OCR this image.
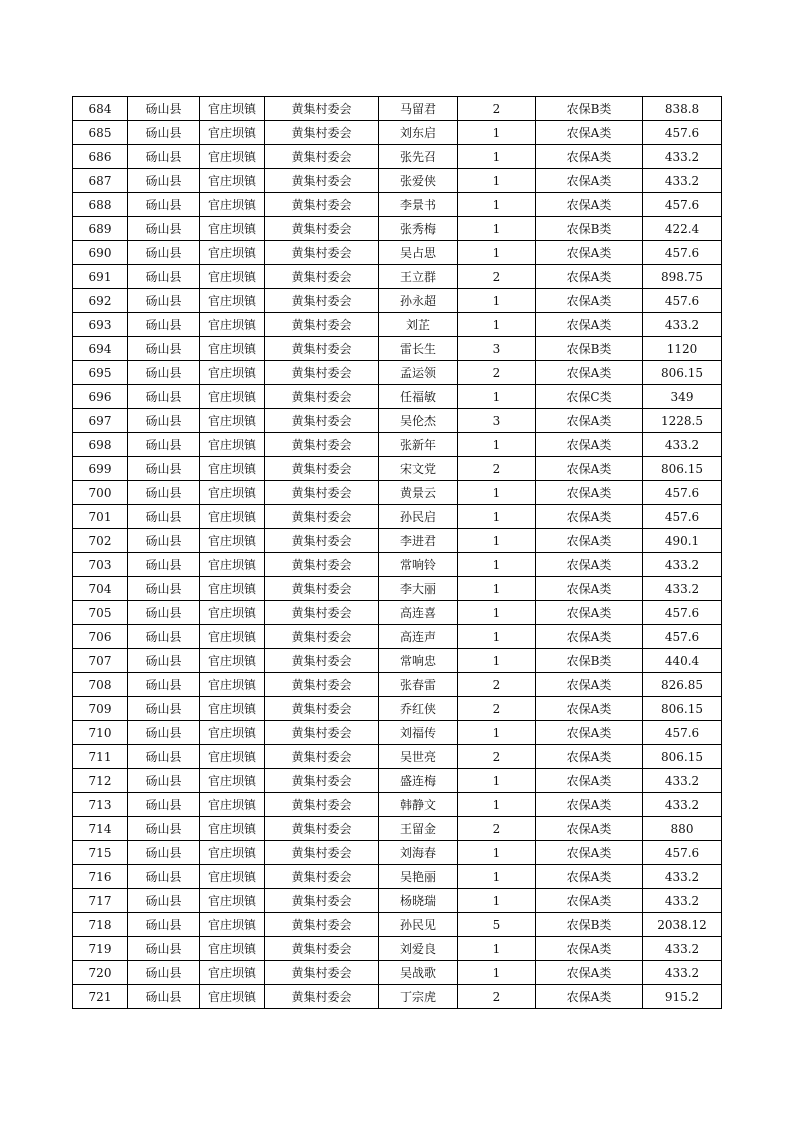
684	砀山县	官庄坝镇	黄集村委会	马留君	2	农保B类	838.8
685	砀山县	官庄坝镇	黄集村委会	刘东启	1	农保A类	457.6
686	砀山县	官庄坝镇	黄集村委会	张先召	1	农保A类	433.2
687	砀山县	官庄坝镇	黄集村委会	张爱侠	1	农保A类	433.2
688	砀山县	官庄坝镇	黄集村委会	李景书	1	农保A类	457.6
689	砀山县	官庄坝镇	黄集村委会	张秀梅	1	农保B类	422.4
690	砀山县	官庄坝镇	黄集村委会	吴占思	1	农保A类	457.6
691	砀山县	官庄坝镇	黄集村委会	王立群	2	农保A类	898.75
692	砀山县	官庄坝镇	黄集村委会	孙永超	1	农保A类	457.6
693	砀山县	官庄坝镇	黄集村委会	刘芷	1	农保A类	433.2
694	砀山县	官庄坝镇	黄集村委会	雷长生	3	农保B类	1120
695	砀山县	官庄坝镇	黄集村委会	孟运领	2	农保A类	806.15
696	砀山县	官庄坝镇	黄集村委会	任福敏	1	农保C类	349
697	砀山县	官庄坝镇	黄集村委会	吴伦杰	3	农保A类	1228.5
698	砀山县	官庄坝镇	黄集村委会	张新年	1	农保A类	433.2
699	砀山县	官庄坝镇	黄集村委会	宋文党	2	农保A类	806.15
700	砀山县	官庄坝镇	黄集村委会	黄景云	1	农保A类	457.6
701	砀山县	官庄坝镇	黄集村委会	孙民启	1	农保A类	457.6
702	砀山县	官庄坝镇	黄集村委会	李进君	1	农保A类	490.1
703	砀山县	官庄坝镇	黄集村委会	常响铃	1	农保A类	433.2
704	砀山县	官庄坝镇	黄集村委会	李大丽	1	农保A类	433.2
705	砀山县	官庄坝镇	黄集村委会	高连喜	1	农保A类	457.6
706	砀山县	官庄坝镇	黄集村委会	高连声	1	农保A类	457.6
707	砀山县	官庄坝镇	黄集村委会	常响忠	1	农保B类	440.4
708	砀山县	官庄坝镇	黄集村委会	张春雷	2	农保A类	826.85
709	砀山县	官庄坝镇	黄集村委会	乔红侠	2	农保A类	806.15
710	砀山县	官庄坝镇	黄集村委会	刘福传	1	农保A类	457.6
711	砀山县	官庄坝镇	黄集村委会	吴世亮	2	农保A类	806.15
712	砀山县	官庄坝镇	黄集村委会	盛连梅	1	农保A类	433.2
713	砀山县	官庄坝镇	黄集村委会	韩静文	1	农保A类	433.2
714	砀山县	官庄坝镇	黄集村委会	王留金	2	农保A类	880
715	砀山县	官庄坝镇	黄集村委会	刘海春	1	农保A类	457.6
716	砀山县	官庄坝镇	黄集村委会	吴艳丽	1	农保A类	433.2
717	砀山县	官庄坝镇	黄集村委会	杨晓瑞	1	农保A类	433.2
718	砀山县	官庄坝镇	黄集村委会	孙民见	5	农保B类	2038.12
719	砀山县	官庄坝镇	黄集村委会	刘爱良	1	农保A类	433.2
720	砀山县	官庄坝镇	黄集村委会	吴战歌	1	农保A类	433.2
721	砀山县	官庄坝镇	黄集村委会	丁宗虎	2	农保A类	915.2
